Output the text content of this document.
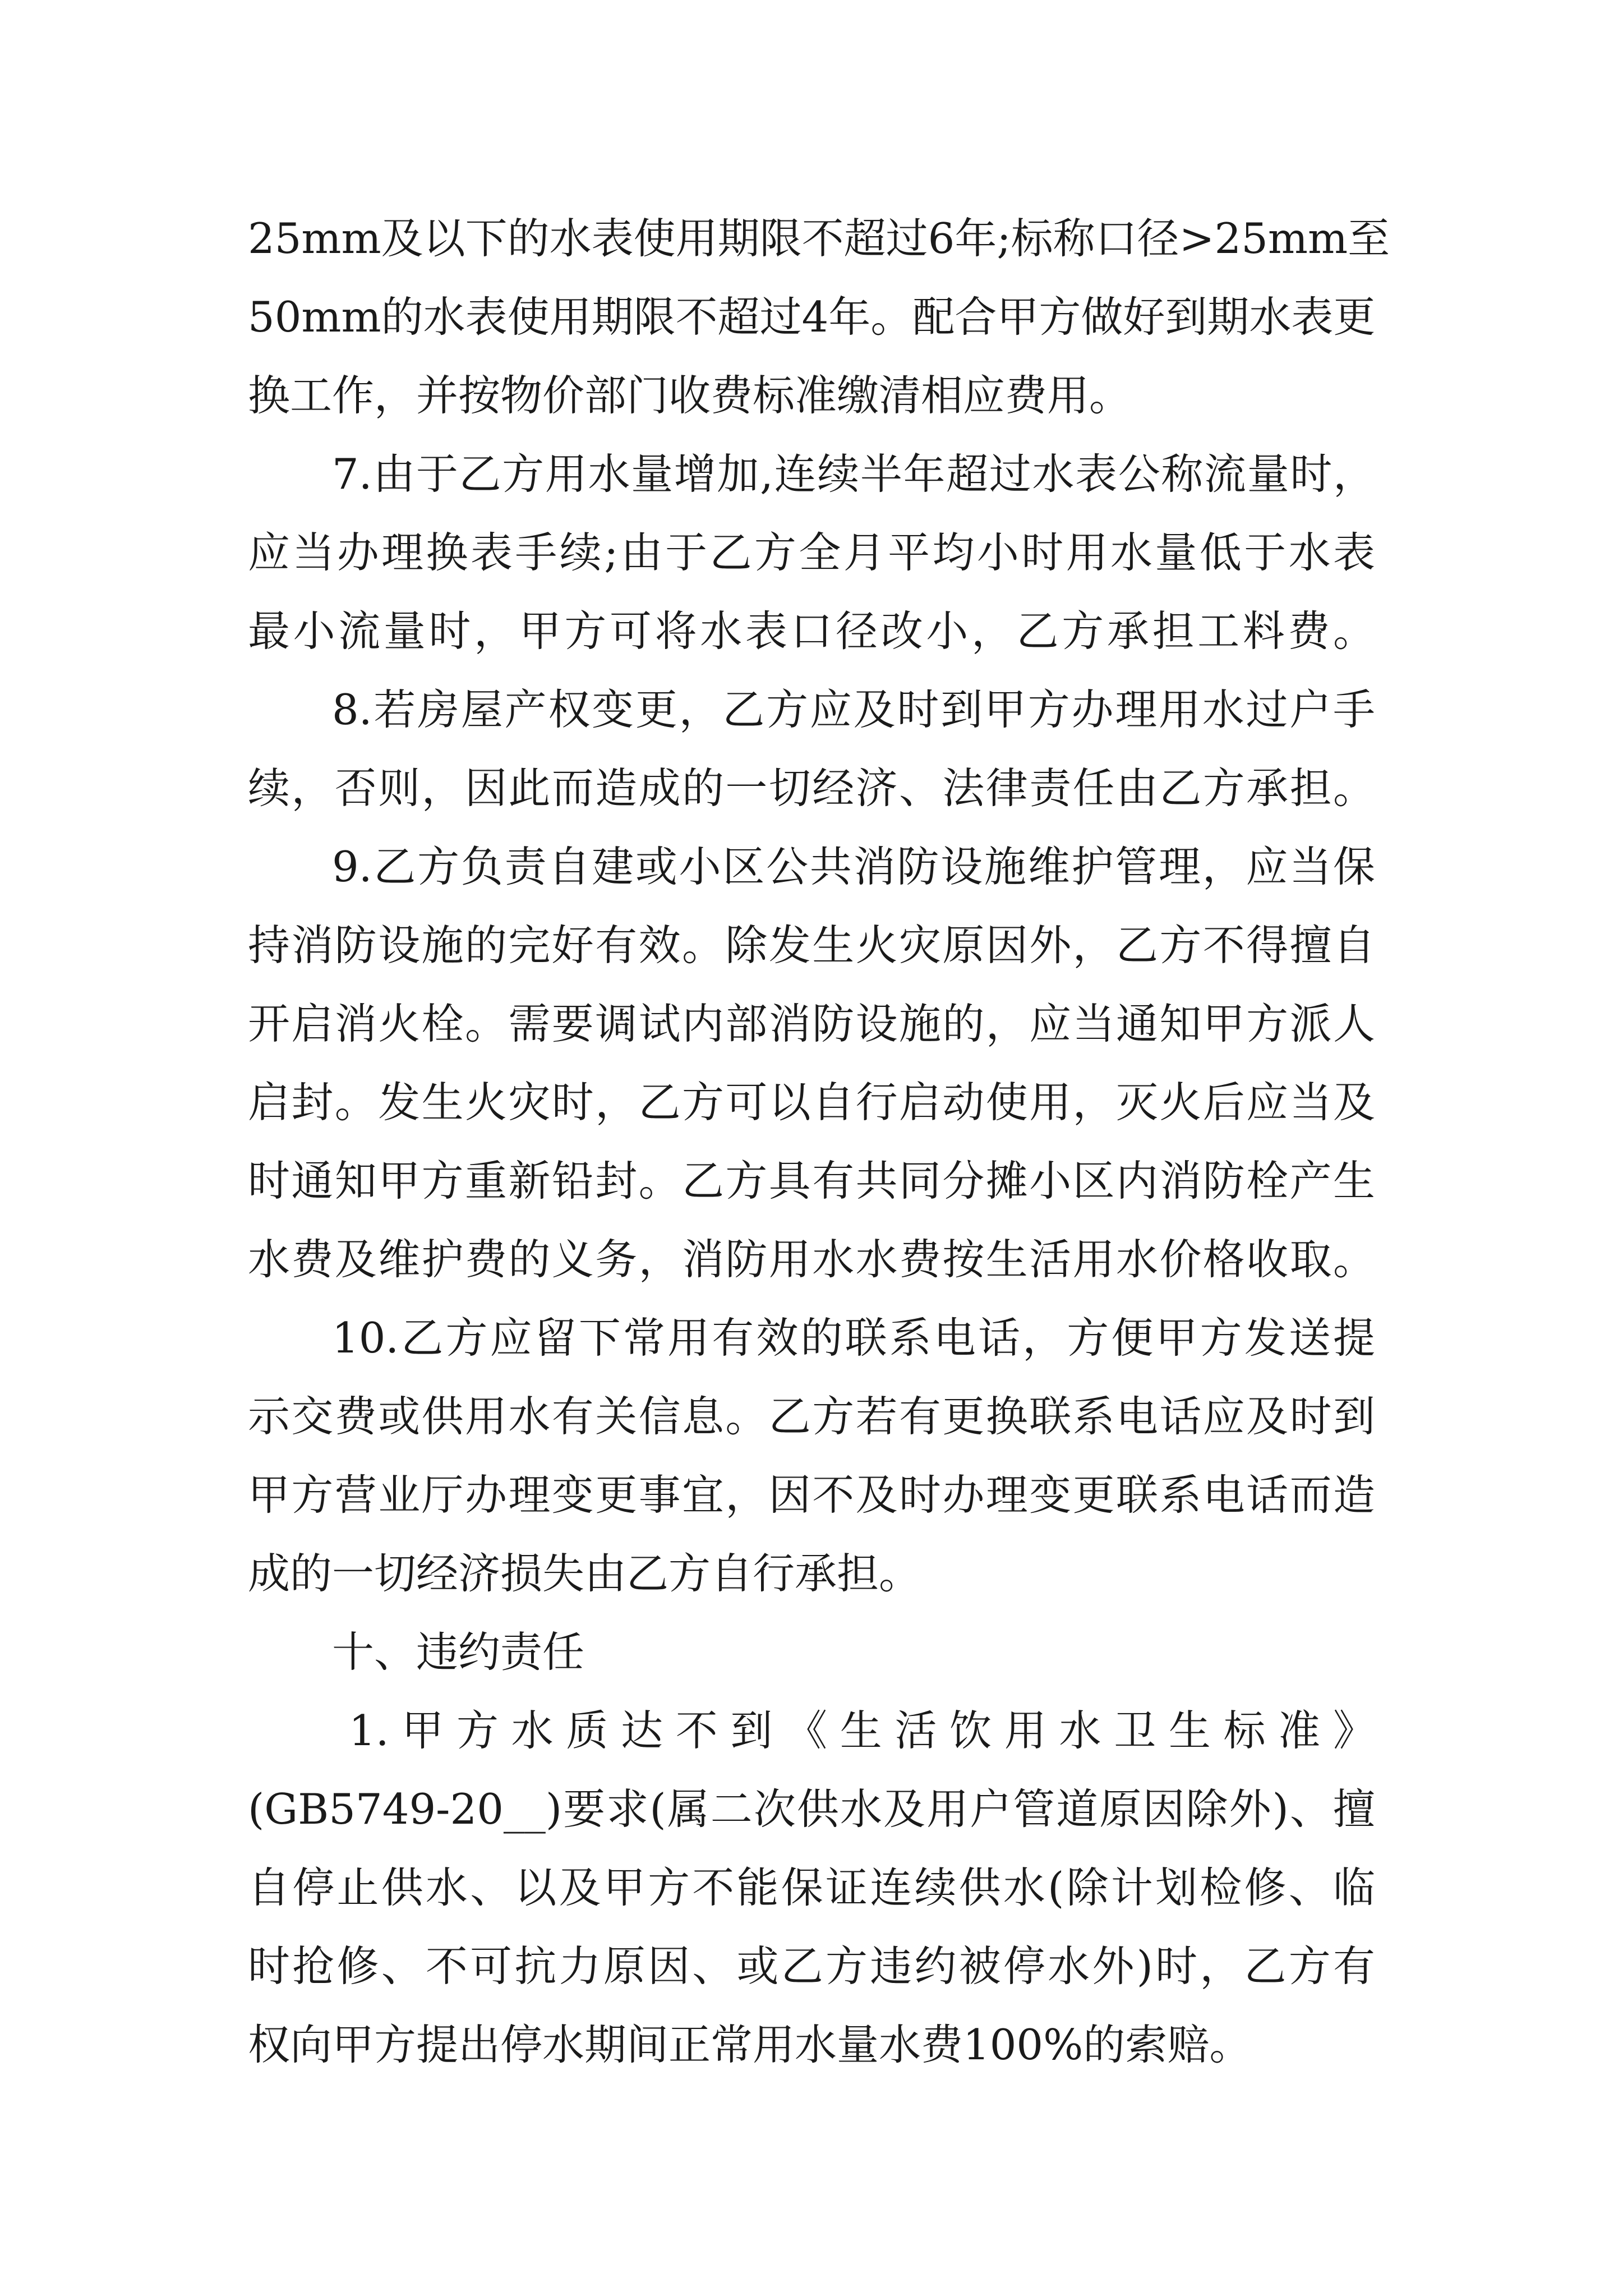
25mm及以下的水表使用期限不超过6年;标称口径>25mm至
50mm的水表使用期限不超过4年。配合甲方做好到期水表更
换工作，并按物价部门收费标准缴清相应费用。
7.由于乙方用水量增加,连续半年超过水表公称流量时，
应当办理换表手续;由于乙方全月平均小时用水量低于水表
最小流量时，甲方可将水表口径改小，乙方承担工料费。
8.若房屋产权变更，乙方应及时到甲方办理用水过户手
续，否则，因此而造成的一切经济、法律责任由乙方承担。
9.乙方负责自建或小区公共消防设施维护管理，应当保
持消防设施的完好有效。除发生火灾原因外，乙方不得擅自
开启消火栓。需要调试内部消防设施的，应当通知甲方派人
启封。发生火灾时，乙方可以自行启动使用，灭火后应当及
时通知甲方重新铅封。乙方具有共同分摊小区内消防栓产生
水费及维护费的义务，消防用水水费按生活用水价格收取。
10.乙方应留下常用有效的联系电话，方便甲方发送提
示交费或供用水有关信息。乙方若有更换联系电话应及时到
甲方营业厅办理变更事宜，因不及时办理变更联系电话而造
成的一切经济损失由乙方自行承担。
十、违约责任
1.甲方水质达不到《生活饮用水卫生标准》
(GB5749-20__)要求(属二次供水及用户管道原因除外)、擅
自停止供水、以及甲方不能保证连续供水(除计划检修、临
时抢修、不可抗力原因、或乙方违约被停水外)时，乙方有
权向甲方提出停水期间正常用水量水费100%的索赔。
